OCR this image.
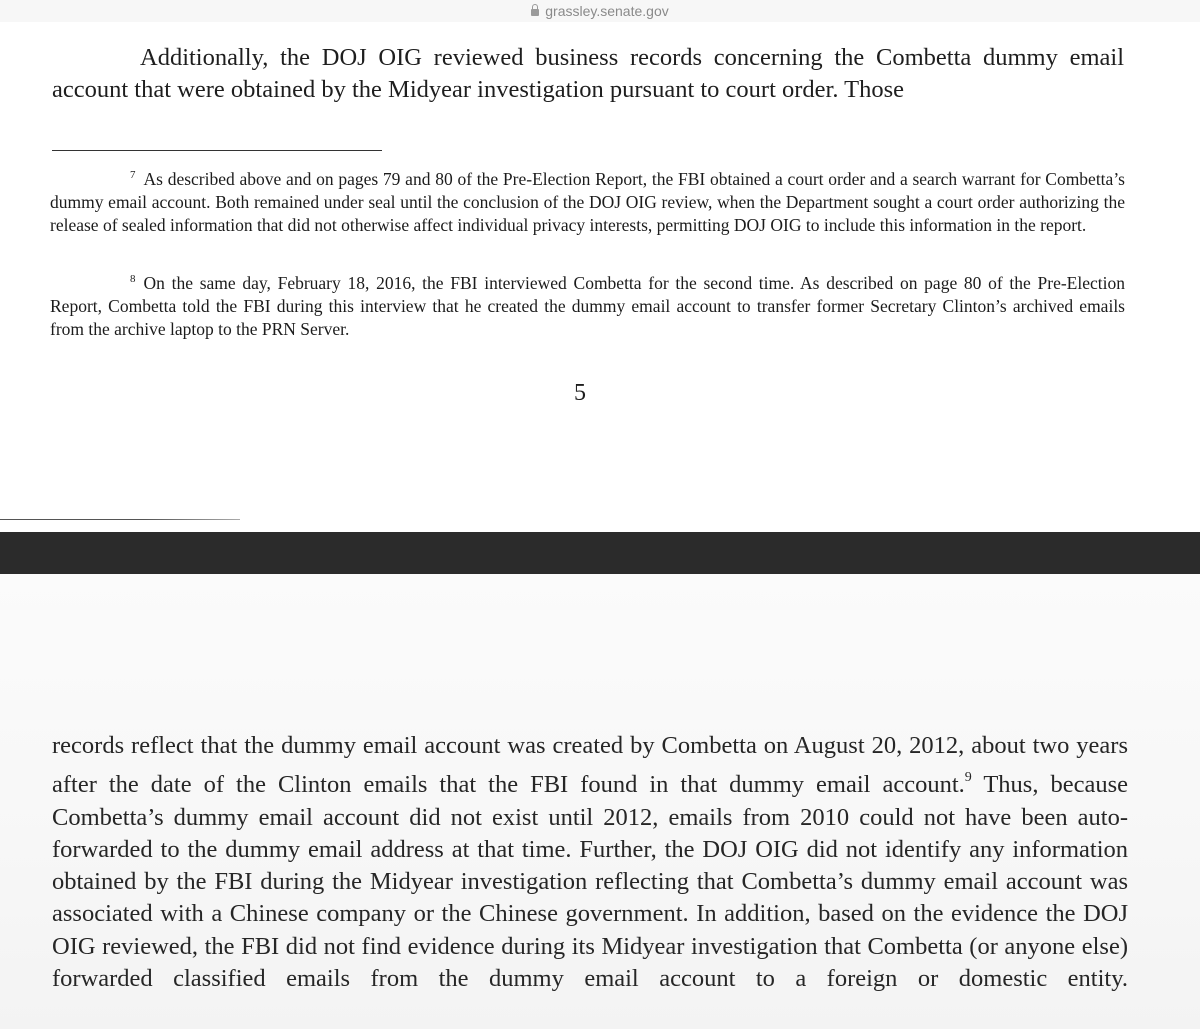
grassley.senate.gov

Additionally, the DOJ OIG reviewed business records concerning the Combetta dummy email account that were obtained by the Midyear investigation pursuant to court order. Those

$^7$ As described above and on pages 79 and 80 of the Pre-Election Report, the FBI obtained a court order and a search warrant for Combetta’s dummy email account. Both remained under seal until the conclusion of the DOJ OIG review, when the Department sought a court order authorizing the release of sealed information that did not otherwise affect individual privacy interests, permitting DOJ OIG to include this information in the report.

$^8$ On the same day, February 18, 2016, the FBI interviewed Combetta for the second time. As described on page 80 of the Pre-Election Report, Combetta told the FBI during this interview that he created the dummy email account to transfer former Secretary Clinton’s archived emails from the archive laptop to the PRN Server.

5

records reflect that the dummy email account was created by Combetta on August 20, 2012, about two years after the date of the Clinton emails that the FBI found in that dummy email account.$^9$ Thus, because Combetta’s dummy email account did not exist until 2012, emails from 2010 could not have been auto-forwarded to the dummy email address at that time. Further, the DOJ OIG did not identify any information obtained by the FBI during the Midyear investigation reflecting that Combetta’s dummy email account was associated with a Chinese company or the Chinese government. In addition, based on the evidence the DOJ OIG reviewed, the FBI did not find evidence during its Midyear investigation that Combetta (or anyone else) forwarded classified emails from the dummy email account to a foreign or domestic entity.
